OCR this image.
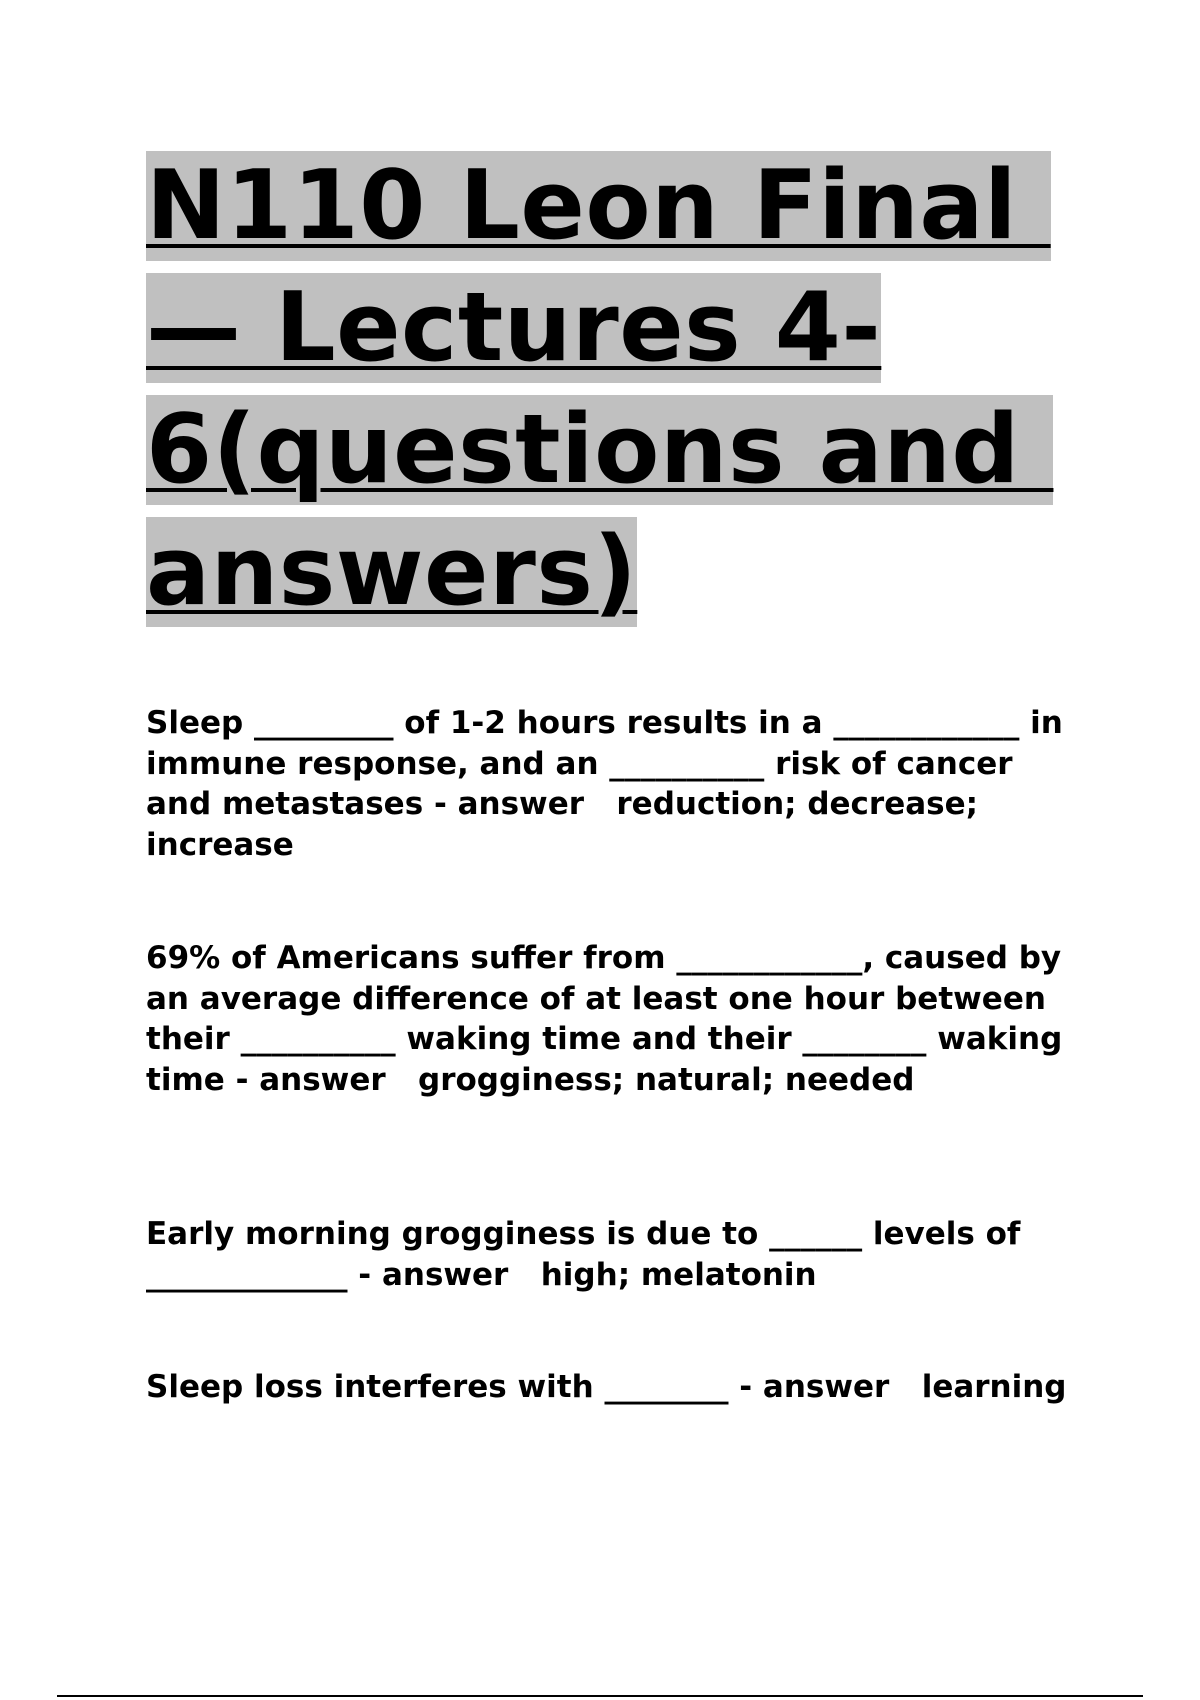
N110 Leon Final
— Lectures 4-
6(questions and
answers)

Sleep _________ of 1-2 hours results in a ____________ in immune response, and an __________ risk of cancer and metastases - answer   reduction; decrease; increase

69% of Americans suffer from ____________, caused by an average difference of at least one hour between their __________ waking time and their ________ waking time - answer   grogginess; natural; needed

Early morning grogginess is due to ______ levels of _____________ - answer   high; melatonin

Sleep loss interferes with ________ - answer   learning
